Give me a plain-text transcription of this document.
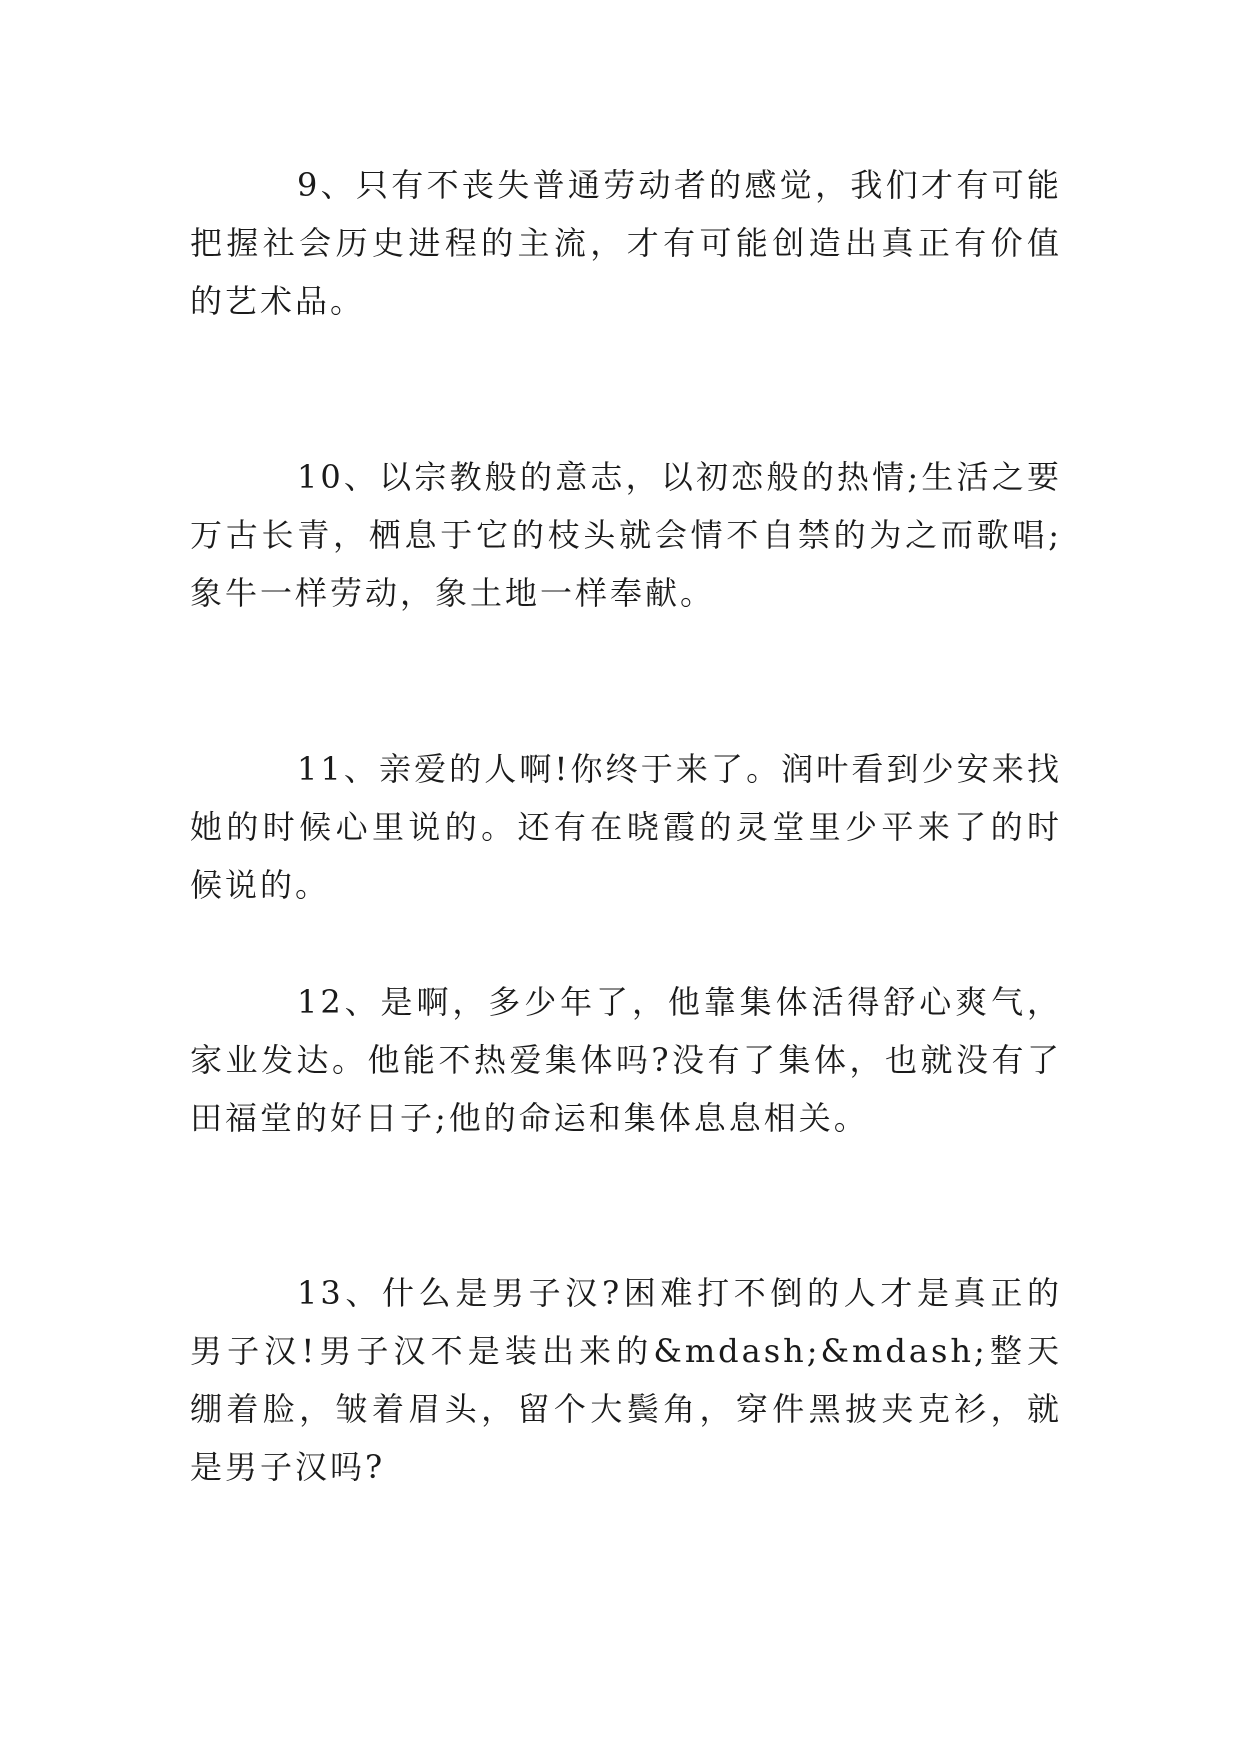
9、只有不丧失普通劳动者的感觉，我们才有可能把握社会历史进程的主流，才有可能创造出真正有价值的艺术品。

10、以宗教般的意志，以初恋般的热情;生活之要万古长青，栖息于它的枝头就会情不自禁的为之而歌唱;象牛一样劳动，象土地一样奉献。

11、亲爱的人啊!你终于来了。润叶看到少安来找她的时候心里说的。还有在晓霞的灵堂里少平来了的时候说的。

12、是啊，多少年了，他靠集体活得舒心爽气，家业发达。他能不热爱集体吗?没有了集体，也就没有了田福堂的好日子;他的命运和集体息息相关。

13、什么是男子汉?困难打不倒的人才是真正的男子汉!男子汉不是装出来的&mdash;&mdash;整天绷着脸，皱着眉头，留个大鬓角，穿件黑披夹克衫，就是男子汉吗?
